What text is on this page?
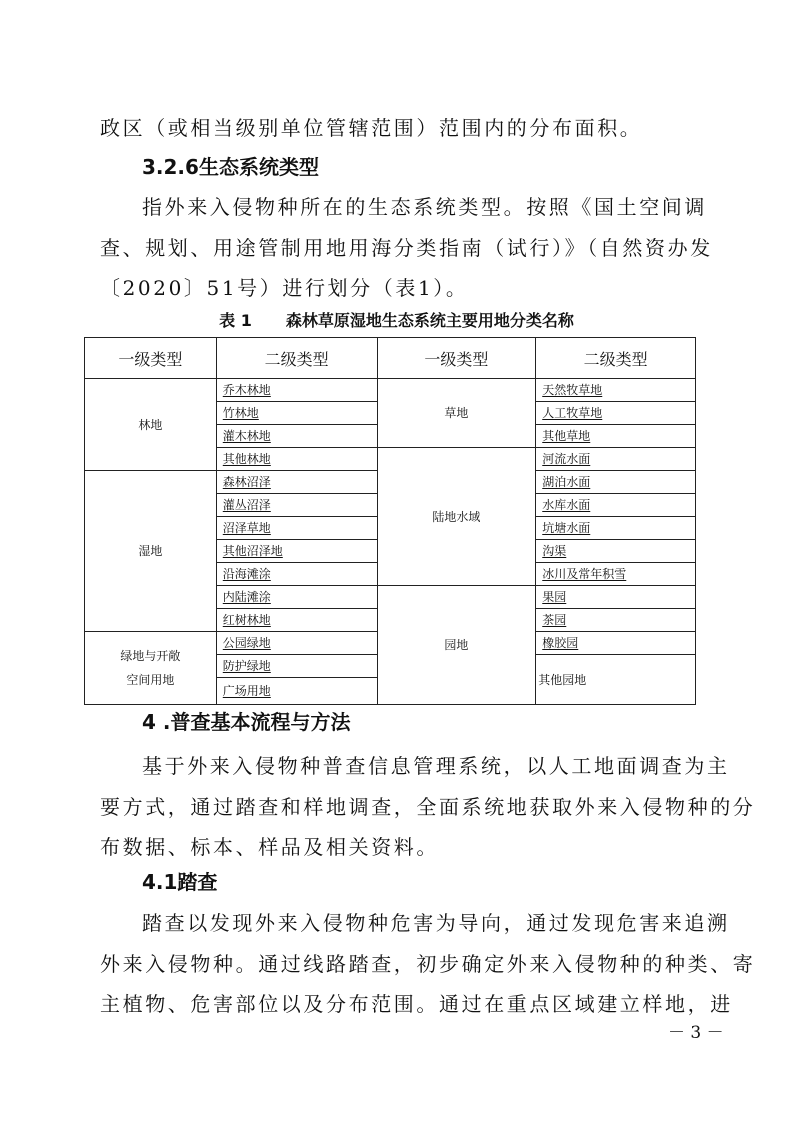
政区（或相当级别单位管辖范围）范围内的分布面积。
3.2.6生态系统类型
指外来入侵物种所在的生态系统类型。按照《国土空间调
查、规划、用途管制用地用海分类指南（试行）》（自然资办发
〔2020〕51号）进行划分（表1）。
表 1 森林草原湿地生态系统主要用地分类名称
一级类型	二级类型	一级类型	二级类型
林地	乔木林地	草地	天然牧草地
	竹林地		人工牧草地
	灌木林地		其他草地
	其他林地	陆地水域	河流水面
湿地	森林沼泽		湖泊水面
	灌丛沼泽		水库水面
	沼泽草地		坑塘水面
	其他沼泽地		沟渠
	沿海滩涂		冰川及常年积雪
	内陆滩涂	园地	果园
	红树林地		茶园

绿地与开敞
空间用地	公园绿地		橡胶园
	防护绿地		其他园地
	广场用地		
4 .普查基本流程与方法
基于外来入侵物种普查信息管理系统，以人工地面调查为主
要方式，通过踏查和样地调查，全面系统地获取外来入侵物种的分
布数据、标本、样品及相关资料。
4.1踏查
踏查以发现外来入侵物种危害为导向，通过发现危害来追溯
外来入侵物种。通过线路踏查，初步确定外来入侵物种的种类、寄
主植物、危害部位以及分布范围。通过在重点区域建立样地，进
－ 3 －
